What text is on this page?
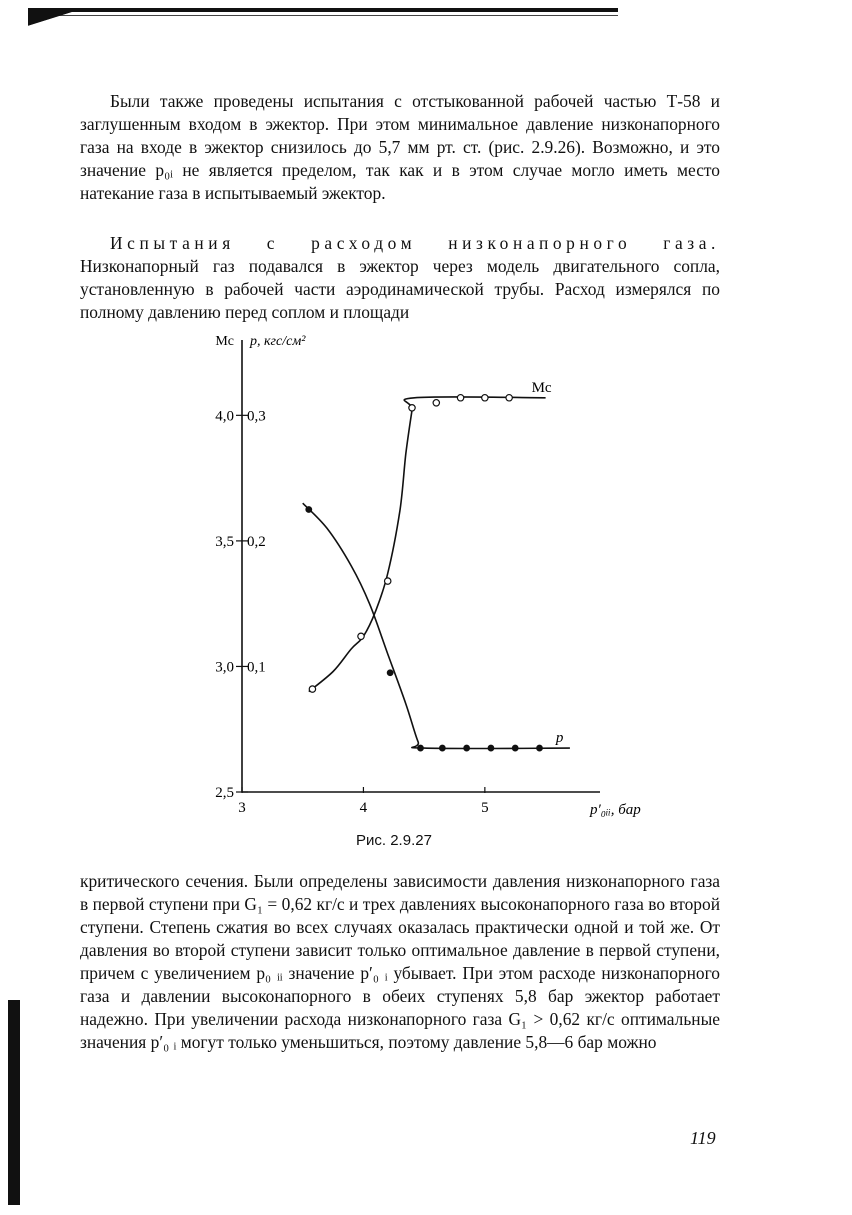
Были также проведены испытания с отстыкованной рабочей частью Т-58 и заглушенным входом в эжектор. При этом минимальное давление низконапорного газа на входе в эжектор снизилось до 5,7 мм рт. ст. (рис. 2.9.26). Возможно, и это значение p₀ᵢ не является пределом, так как и в этом случае могло иметь место натекание газа в испытываемый эжектор.

Испытания с расходом низконапорного газа. Низконапорный газ подавался в эжектор через модель двигательного сопла, установленную в рабочей части аэродинамической трубы. Расход измерялся по полному давлению перед соплом и площади

3	4	5
2,5
3,0
3,5
4,0
0,1
0,2
0,3
Mc p, кгс/см²
p′₀ᵢᵢ, бар
Mc
p
Рис. 2.9.27

критического сечения. Были определены зависимости давления низконапорного газа в первой ступени при G₁ = 0,62 кг/с и трех давлениях высоконапорного газа во второй ступени. Степень сжатия во всех случаях оказалась практически одной и той же. От давления во второй ступени зависит только оптимальное давление в первой ступени, причем с увеличением p₀ ᵢᵢ значение p′₀ ᵢ убывает. При этом расходе низконапорного газа и давлении высоконапорного в обеих ступенях 5,8 бар эжектор работает надежно. При увеличении расхода низконапорного газа G₁ > 0,62 кг/с оптимальные значения p′₀ ᵢ могут только уменьшиться, поэтому давление 5,8—6 бар можно

119
